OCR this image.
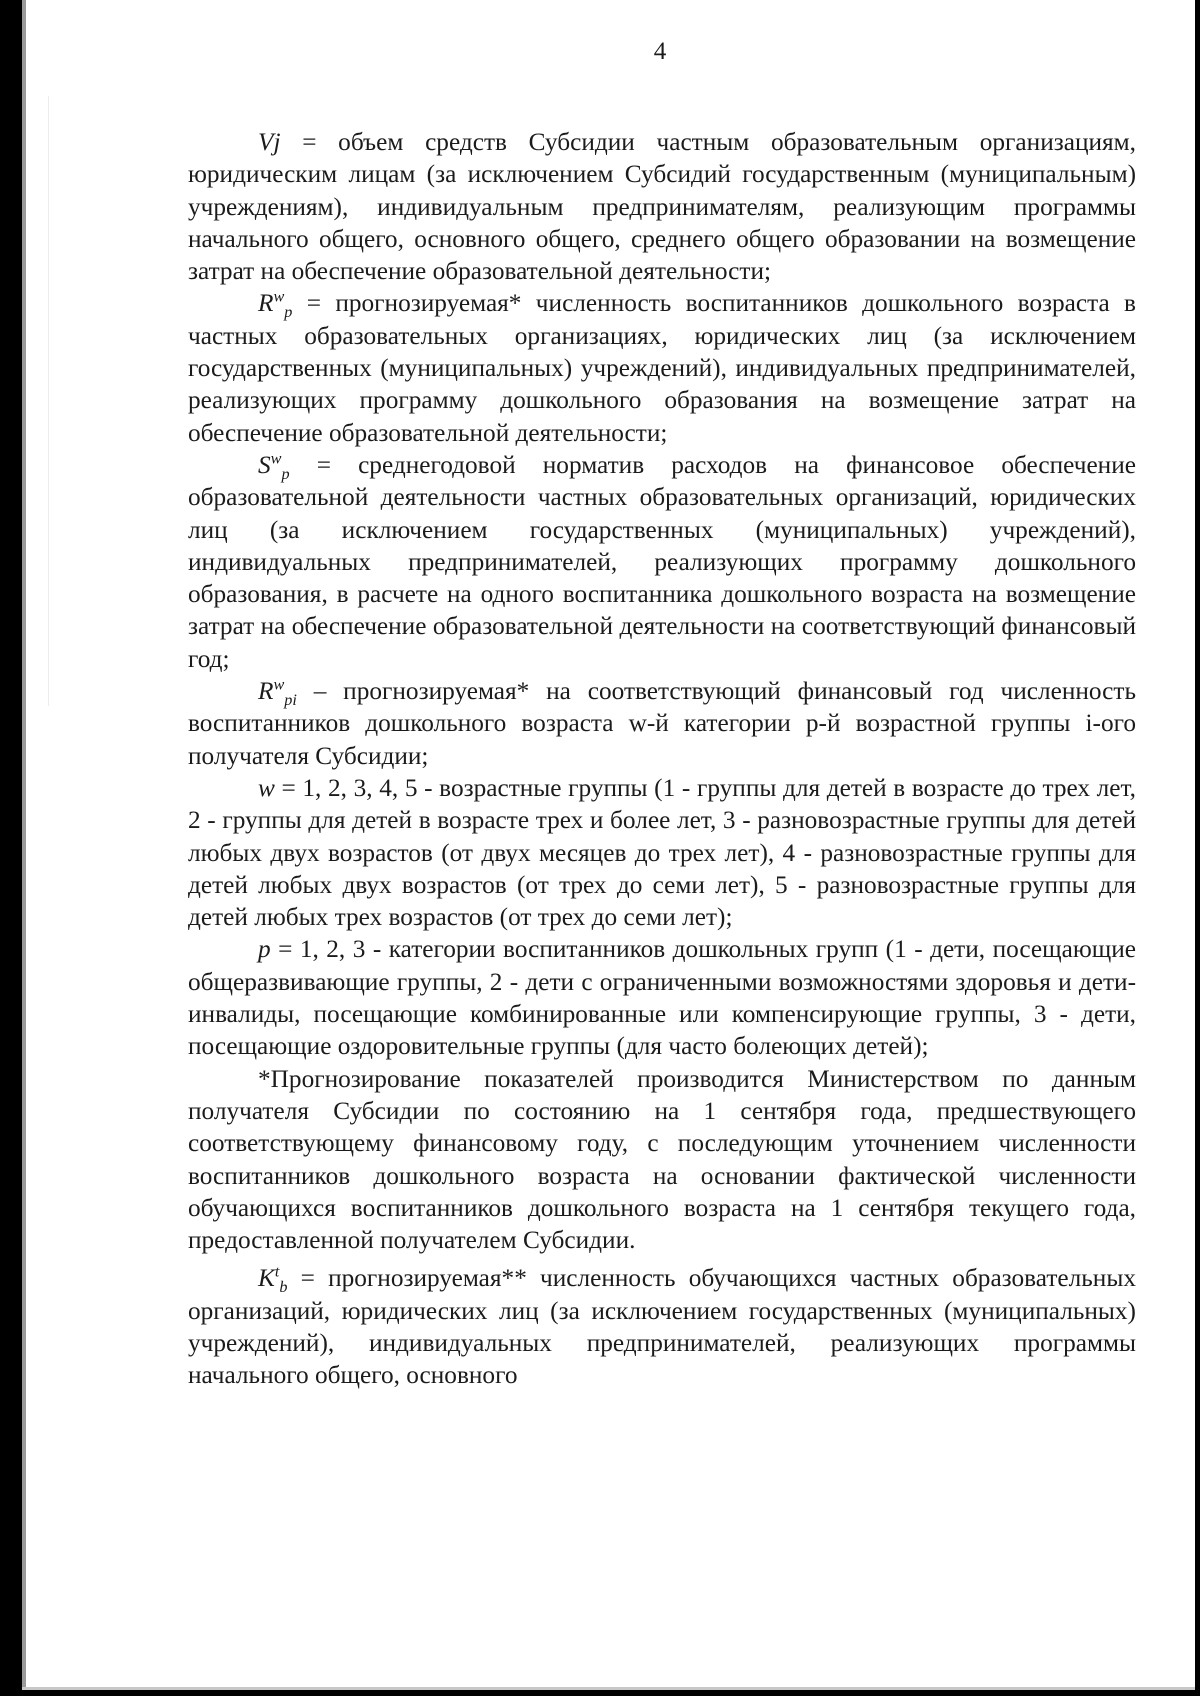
4

Vj = объем средств Субсидии частным образовательным организациям, юридическим лицам (за исключением Субсидий государственным (муниципальным) учреждениям), индивидуальным предпринимателям, реализующим программы начального общего, основного общего, среднего общего образовании на возмещение затрат на обеспечение образовательной деятельности;

$R^w_p$ = прогнозируемая* численность воспитанников дошкольного возраста в частных образовательных организациях, юридических лиц (за исключением государственных (муниципальных) учреждений), индивидуальных предпринимателей, реализующих программу дошкольного образования на возмещение затрат на обеспечение образовательной деятельности;

$S^w_p$ = среднегодовой норматив расходов на финансовое обеспечение образовательной деятельности частных образовательных организаций, юридических лиц (за исключением государственных (муниципальных) учреждений), индивидуальных предпринимателей, реализующих программу дошкольного образования, в расчете на одного воспитанника дошкольного возраста на возмещение затрат на обеспечение образовательной деятельности на соответствующий финансовый год;

$R^w_{pi}$ – прогнозируемая* на соответствующий финансовый год численность воспитанников дошкольного возраста w-й категории p-й возрастной группы i-ого получателя Субсидии;

w = 1, 2, 3, 4, 5 - возрастные группы (1 - группы для детей в возрасте до трех лет, 2 - группы для детей в возрасте трех и более лет, 3 - разновозрастные группы для детей любых двух возрастов (от двух месяцев до трех лет), 4 - разновозрастные группы для детей любых двух возрастов (от трех до семи лет), 5 - разновозрастные группы для детей любых трех возрастов (от трех до семи лет);

p = 1, 2, 3 - категории воспитанников дошкольных групп (1 - дети, посещающие общеразвивающие группы, 2 - дети с ограниченными возможностями здоровья и дети-инвалиды, посещающие комбинированные или компенсирующие группы, 3 - дети, посещающие оздоровительные группы (для часто болеющих детей);

*Прогнозирование показателей производится Министерством по данным получателя Субсидии по состоянию на 1 сентября года, предшествующего соответствующему финансовому году, с последующим уточнением численности воспитанников дошкольного возраста на основании фактической численности обучающихся воспитанников дошкольного возраста на 1 сентября текущего года, предоставленной получателем Субсидии.

$K^t_b$ = прогнозируемая** численность обучающихся частных образовательных организаций, юридических лиц (за исключением государственных (муниципальных) учреждений), индивидуальных предпринимателей, реализующих программы начального общего, основного
